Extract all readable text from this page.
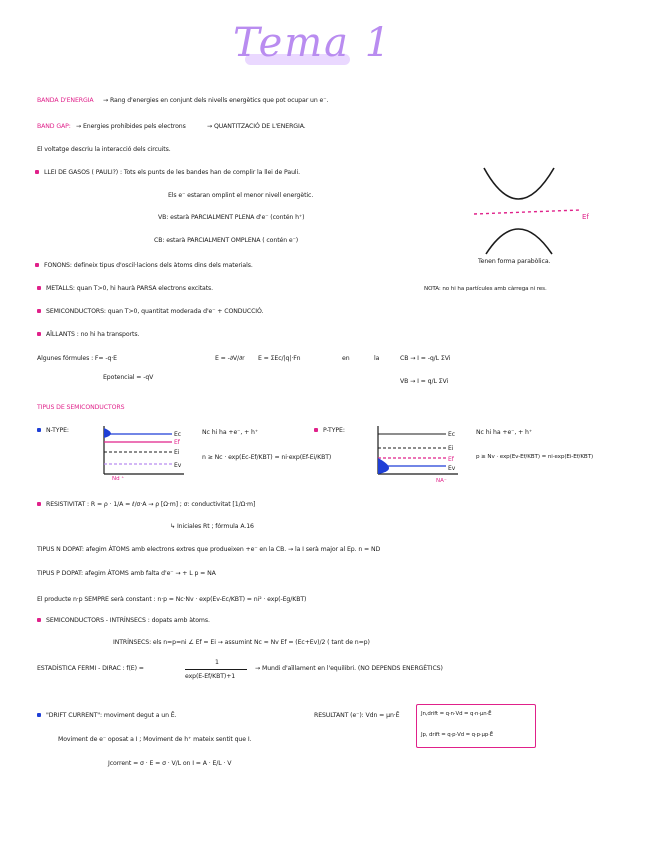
Tema 1
BANDA D'ENERGIA → Rang d'energies en conjunt dels nivells energètics que pot ocupar un e⁻.
BAND GAP: → Energies prohibides pels electrons	→ QUANTITZACIÓ DE L'ENERGIA.
El voltatge descriu la interacció dels circuits.
LLEI DE GASOS ( PAULI?) : Tots els punts de les bandes han de complir la llei de Pauli.
Els e⁻ estaran omplint el menor nivell energètic.
VB: estarà PARCIALMENT PLENA d'e⁻ (contén h⁺)
CB: estarà PARCIALMENT OMPLENA ( contén e⁻)
Ef
Tenen forma parabòlica.
FONONS: defineix tipus d'oscil·lacions dels àtoms dins dels materials.
METALLS: quan T>0, hi haurà PARSA electrons excitats.	NOTA: no hi ha partícules amb càrrega ni res.
SEMICONDUCTORS: quan T>0, quantitat moderada d'e⁻ + CONDUCCIÓ.
AÏLLANTS : no hi ha transports.
Algunes fórmules : F= -q·E	E = -∂V/∂r E = ΣEc/|q|·Fn	en	la	CB → I = -q/L ΣVi
Epotencial = -qV
VB → I = q/L ΣVi
TIPUS DE SEMICONDUCTORS
N-TYPE:
Ec
Ef
Ei
Ev
Nd ⁺
Nc hi ha +e⁻, + h⁺
n ≥ Nc · exp(Ec-Ef/KBT) = ni·exp(Ef-Ei/KBT)
P-TYPE:
Ec
Ei
Ef
Ev
NA⁻
Nc hi ha +e⁻, + h⁺
p ≥ Nv · exp(Ev-Ef/KBT) = ni·exp(Ei-Ef/KBT)
RESISTIVITAT : R = ρ · 1/A = ℓ/σ·A → ρ [Ω·m] ; σ: conductivitat [1/Ω·m]
↳ Iniciales Rt ; fórmula A.16
TIPUS N DOPAT: afegim ÀTOMS amb electrons extres que produeixen +e⁻ en la CB. → la I serà major al Ep. n = ND
TIPUS P DOPAT: afegim ÀTOMS amb falta d'e⁻ → + L p = NA
El producte n·p SEMPRE serà constant : n·p = Nc·Nv · exp(Ev-Ec/KBT) = ni² · exp(-Eg/KBT)
SEMICONDUCTORS - INTRÍNSECS : dopats amb àtoms.
INTRÍNSECS: els n=p=ni ∠ Ef = Ei → assumint Nc ≈ Nv Ef = (Ec+Ev)/2 ( tant de n=p)
ESTADÍSTICA FERMI - DIRAC : f(E) =
1
exp(E-Ef/KBT)+1
→ Mundi d'aïllament en l'equilibri. (NO DEPENDS ENERGÈTICS)
"DRIFT CURRENT": moviment degut a un Ē.	RESULTANT (e⁻): Vdn = μn·Ē
Moviment de e⁻ oposat a I ; Moviment de h⁺ mateix sentit que I.
Jcorrent = σ · E = σ · V/L on I = A · E/L · V
Jn,drift = q·n·Vd = q·n·μn·Ē
Jp, drift = q·p·Vd = q·p·μp·Ē
